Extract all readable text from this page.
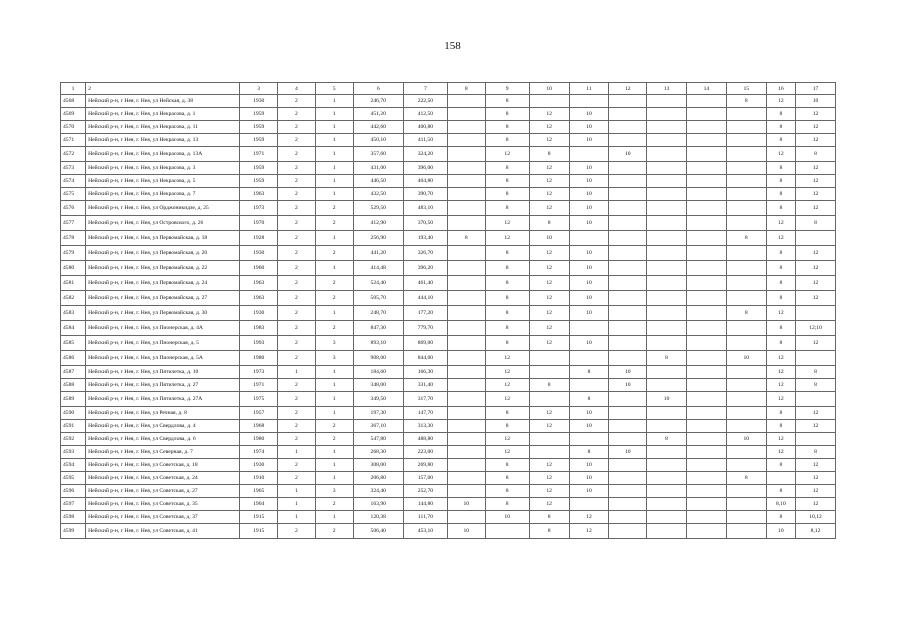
158
1	2	3	4	5	6	7	8	9	10	11	12	13	14	15	16	17
4568	Нейский р-н, г Нея, г. Нея, ул Нейская, д. 38	1930	2	1	246,70	222,50		8						8	12	10
4569	Нейский р-н, г Нея, г. Нея, ул Некрасова, д. 1	1959	2	1	451,20	412,50		8	12	10					8	12
4570	Нейский р-н, г Нея, г. Нея, ул Некрасова, д. 11	1959	2	1	442,60	400,80		8	12	10					8	12
4571	Нейский р-н, г Нея, г. Нея, ул Некрасова, д. 13	1959	2	1	450,10	411,50		8	12	10					8	12
4572	Нейский р-н, г Нея, г. Нея, ул Некрасова, д. 13А	1971	2	1	357,60	324,20		12	8		10				12	8
4573	Нейский р-н, г Нея, г. Нея, ул Некрасова, д. 3	1959	2	1	431,00	396,00		8	12	10					8	12
4574	Нейский р-н, г Нея, г. Нея, ул Некрасова, д. 5	1959	2	1	446,50	404,80		8	12	10					8	12
4575	Нейский р-н, г Нея, г. Нея, ул Некрасова, д. 7	1963	2	1	432,50	390,70		8	12	10					8	12
4576	Нейский р-н, г Нея, г. Нея, ул Орджоникидзе, д. 25	1973	2	2	529,50	483,10		8	12	10					8	12
4577	Нейский р-н, г Нея, г. Нея, ул Островского, д. 26	1970	2	2	412,90	370,50		12	8	10					12	8
4578	Нейский р-н, г Нея, г. Нея, ул Первомайская, д. 18	1928	2	1	256,90	193,40	8	12	10					8	12	
4579	Нейский р-н, г Нея, г. Нея, ул Первомайская, д. 20	1930	2	2	441,20	326,70		8	12	10					8	12
4580	Нейский р-н, г Нея, г. Нея, ул Первомайская, д. 22	1960	2	1	414,48	396,20		8	12	10					8	12
4581	Нейский р-н, г Нея, г. Нея, ул Первомайская, д. 24	1963	2	2	524,40	461,40		8	12	10					8	12
4582	Нейский р-н, г Нея, г. Нея, ул Первомайская, д. 27	1963	2	2	505,70	444,10		8	12	10					8	12
4583	Нейский р-н, г Нея, г. Нея, ул Первомайская, д. 30	1930	2	1	248,70	177,20		8	12	10				8	12	
4584	Нейский р-н, г Нея, г. Нея, ул Пионерская, д. 4А	1983	2	2	847,30	779,70		8	12						8	12;10
4585	Нейский р-н, г Нея, г. Нея, ул Пионерская, д. 5	1993	2	3	893,10	869,00		8	12	10					8	12
4586	Нейский р-н, г Нея, г. Нея, ул Пионерская, д. 5А	1980	2	3	908,00	844,00		12				8		10	12	
4587	Нейский р-н, г Нея, г. Нея, ул Пятилетка, д. 10	1973	1	1	184,60	166,30		12		8	10				12	8
4588	Нейский р-н, г Нея, г. Нея, ул Пятилетка, д. 27	1971	2	1	348,00	331,40		12	8		10				12	8
4589	Нейский р-н, г Нея, г. Нея, ул Пятилетка, д. 27А	1975	2	1	349,50	317,70		12		8		10			12	
4590	Нейский р-н, г Нея, г. Нея, ул Речная, д. 8	1957	2	1	197,30	147,70		8	12	10					8	12
4591	Нейский р-н, г Нея, г. Нея, ул Свердлова, д. 4	1968	2	2	367,10	313,30		8	12	10					8	12
4592	Нейский р-н, г Нея, г. Нея, ул Свердлова, д. 6	1980	2	2	547,80	488,80		12				8		10	12	
4593	Нейский р-н, г Нея, г. Нея, ул Северная, д. 7	1974	1	1	268,30	223,00		12		8	10				12	8
4594	Нейский р-н, г Нея, г. Нея, ул Советская, д. 18	1930	2	1	308,00	269,80		8	12	10					8	12
4595	Нейский р-н, г Нея, г. Нея, ул Советская, д. 24	1910	2	1	206,80	157,00		8	12	10				8		12
4596	Нейский р-н, г Нея, г. Нея, ул Советская, д. 27	1965	1	3	324,40	252,70		8	12	10					8	12
4597	Нейский р-н, г Нея, г. Нея, ул Советская, д. 35	1904	1	2	163,90	144,80	10	8	12						8,10	12
4598	Нейский р-н, г Нея, г. Нея, ул Советская, д. 37	1915	1	1	120,38	111,70		10	8	12					8	10,12
4599	Нейский р-н, г Нея, г. Нея, ул Советская, д. 41	1915	2	2	506,40	453,10	10		8	12					10	8,12
